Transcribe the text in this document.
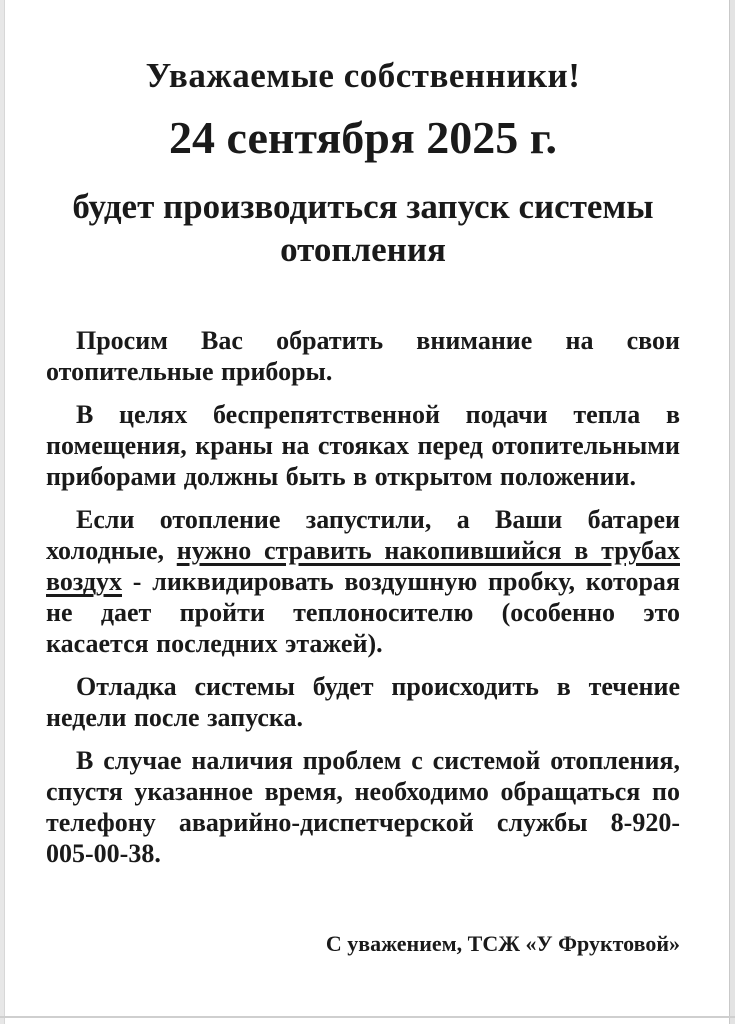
Уважаемые собственники!
24 сентября 2025 г.
будет производиться запуск системы отопления

Просим Вас обратить внимание на свои отопительные приборы.

В целях беспрепятственной подачи тепла в помещения, краны на стояках перед отопительными приборами должны быть в открытом положении.

Если отопление запустили, а Ваши батареи холодные, нужно стравить накопившийся в трубах воздух - ликвидировать воздушную пробку, которая не дает пройти теплоносителю (особенно это касается последних этажей).

Отладка системы будет происходить в течение недели после запуска.

В случае наличия проблем с системой отопления, спустя указанное время, необходимо обращаться по телефону аварийно-диспетчерской службы 8-920-005-00-38.

С уважением, ТСЖ «У Фруктовой»
